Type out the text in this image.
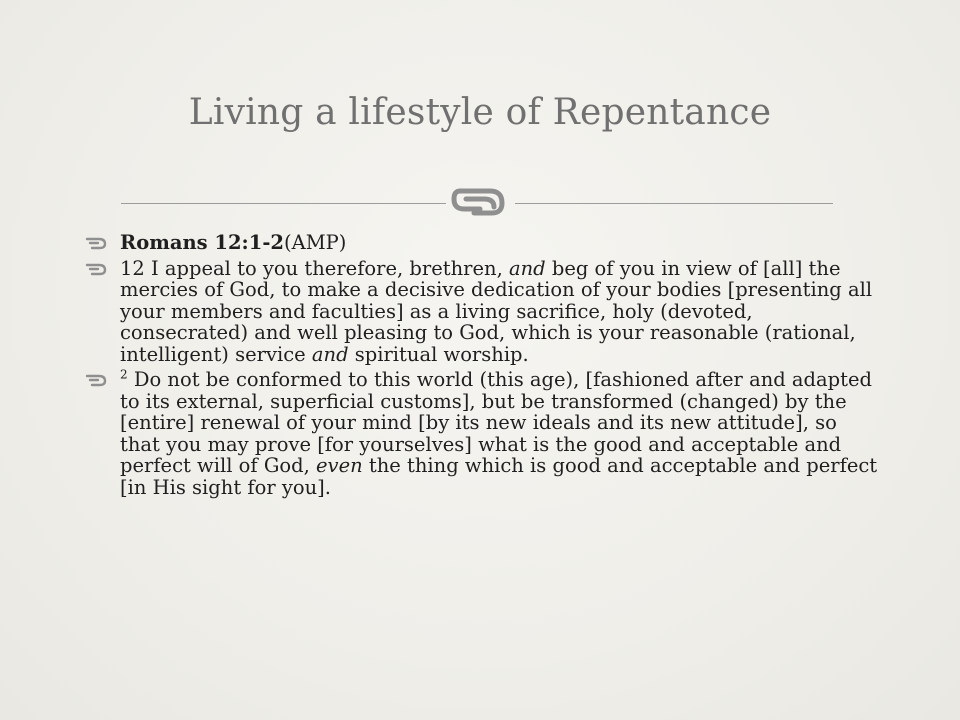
Living a lifestyle of Repentance
Romans 12:1-2(AMP)
12 I appeal to you therefore, brethren, and beg of you in view of [all] the mercies of God, to make a decisive dedication of your bodies [presenting all your members and faculties] as a living sacrifice, holy (devoted, consecrated) and well pleasing to God, which is your reasonable (rational, intelligent) service and spiritual worship.
$^2$ Do not be conformed to this world (this age), [fashioned after and adapted to its external, superficial customs], but be transformed (changed) by the [entire] renewal of your mind [by its new ideals and its new attitude], so that you may prove [for yourselves] what is the good and acceptable and perfect will of God, even the thing which is good and acceptable and perfect [in His sight for you].
